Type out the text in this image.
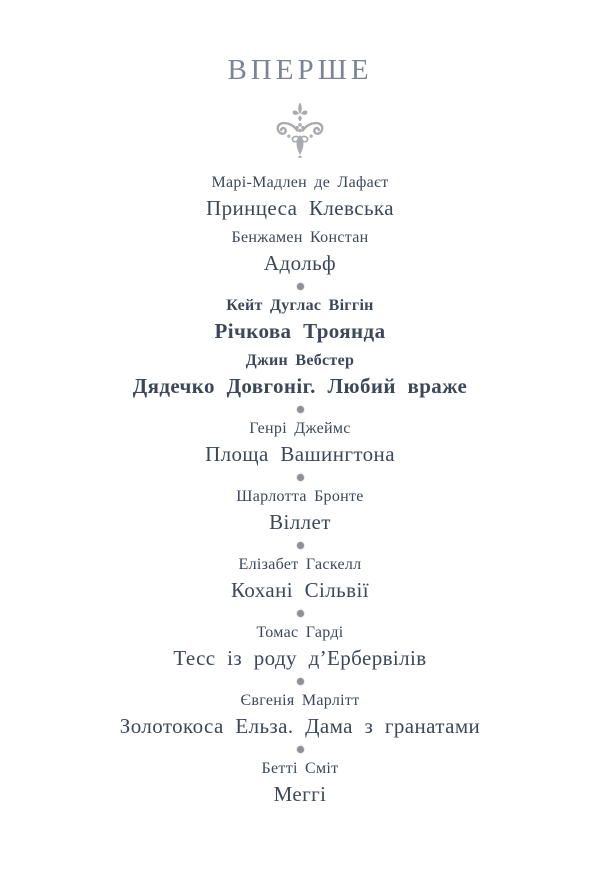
ВПЕРШЕ
Марі-Мадлен де Лафаєт
Принцеса Клевська
Бенжамен Констан
Адольф
Кейт Дуглас Віггін
Річкова Троянда
Джин Вебстер
Дядечко Довгоніг. Любий враже
Генрі Джеймс
Площа Вашингтона
Шарлотта Бронте
Віллет
Елізабет Гаскелл
Кохані Сільвії
Томас Гарді
Тесс із роду д’Ербервілів
Євгенія Марлітт
Золотокоса Ельза. Дама з гранатами
Бетті Сміт
Меггі
